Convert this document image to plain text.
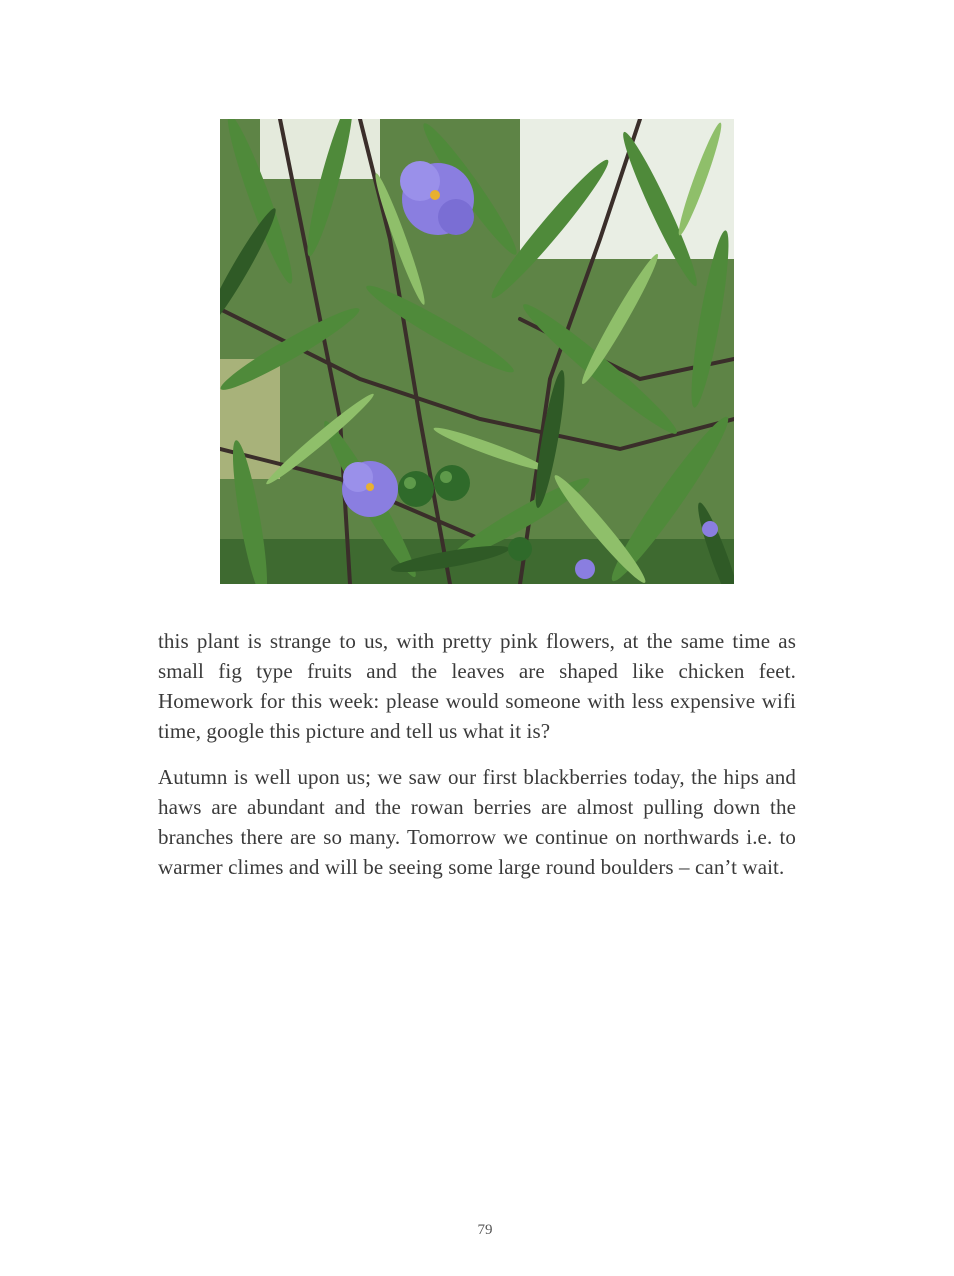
this plant is strange to us, with pretty pink flowers, at the same time as small fig type fruits and the leaves are shaped like chicken feet. Homework for this week: please would someone with less expensive wifi time, google this picture and tell us what it is?

Autumn is well upon us; we saw our first blackberries today, the hips and haws are abundant and the rowan berries are almost pulling down the branches there are so many. Tomorrow we continue on northwards i.e. to warmer climes and will be seeing some large round boulders – can’t wait.

79
